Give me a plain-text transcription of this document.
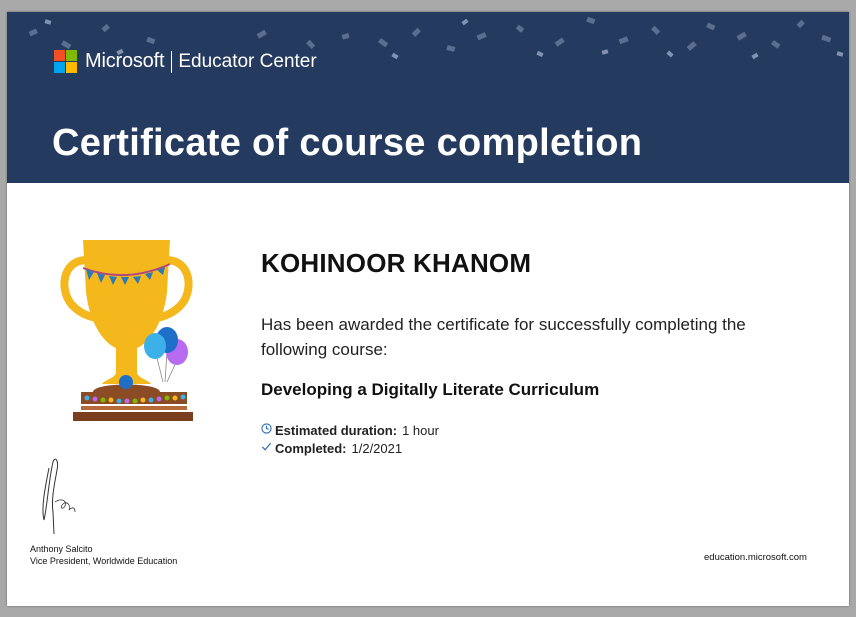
Microsoft Educator Center
Certificate of course completion
KOHINOOR KHANOM

Has been awarded the certificate for successfully completing the following course:

Developing a Digitally Literate Curriculum

Estimated duration: 1 hour
Completed: 1/2/2021
Anthony Salcito
Vice President, Worldwide Education	education.microsoft.com
